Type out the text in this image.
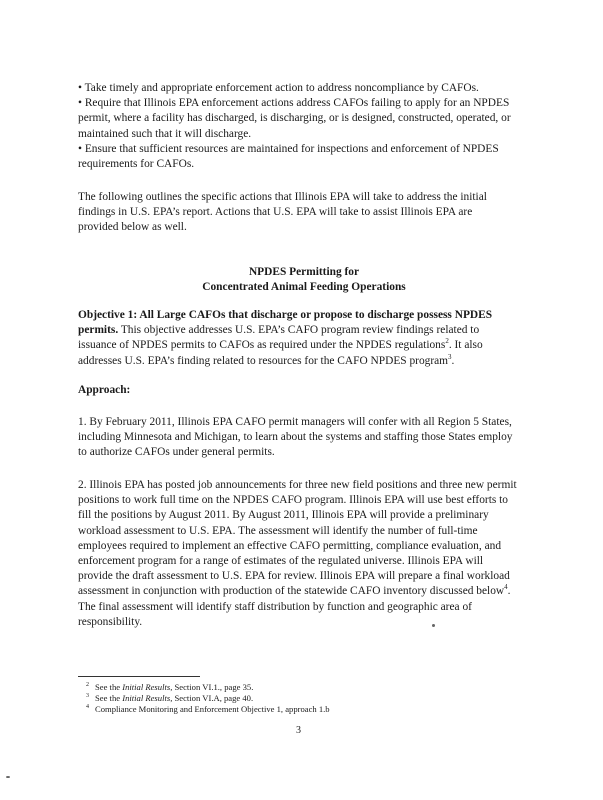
• Take timely and appropriate enforcement action to address noncompliance by CAFOs.
• Require that Illinois EPA enforcement actions address CAFOs failing to apply for an NPDES
permit, where a facility has discharged, is discharging, or is designed, constructed, operated, or
maintained such that it will discharge.
• Ensure that sufficient resources are maintained for inspections and enforcement of NPDES
requirements for CAFOs.
The following outlines the specific actions that Illinois EPA will take to address the initial
findings in U.S. EPA’s report. Actions that U.S. EPA will take to assist Illinois EPA are
provided below as well.
NPDES Permitting for
Concentrated Animal Feeding Operations
Objective 1: All Large CAFOs that discharge or propose to discharge possess NPDES
permits. This objective addresses U.S. EPA’s CAFO program review findings related to
issuance of NPDES permits to CAFOs as required under the NPDES regulations$^2$. It also
addresses U.S. EPA’s finding related to resources for the CAFO NPDES program$^3$.
Approach:
1. By February 2011, Illinois EPA CAFO permit managers will confer with all Region 5 States,
including Minnesota and Michigan, to learn about the systems and staffing those States employ
to authorize CAFOs under general permits.
2. Illinois EPA has posted job announcements for three new field positions and three new permit
positions to work full time on the NPDES CAFO program. Illinois EPA will use best efforts to
fill the positions by August 2011. By August 2011, Illinois EPA will provide a preliminary
workload assessment to U.S. EPA. The assessment will identify the number of full-time
employees required to implement an effective CAFO permitting, compliance evaluation, and
enforcement program for a range of estimates of the regulated universe. Illinois EPA will
provide the draft assessment to U.S. EPA for review. Illinois EPA will prepare a final workload
assessment in conjunction with production of the statewide CAFO inventory discussed below$^4$.
The final assessment will identify staff distribution by function and geographic area of
responsibility.
$^2$ See the Initial Results, Section VI.1., page 35.
$^3$ See the Initial Results, Section VI.A, page 40.
$^4$ Compliance Monitoring and Enforcement Objective 1, approach 1.b
3
